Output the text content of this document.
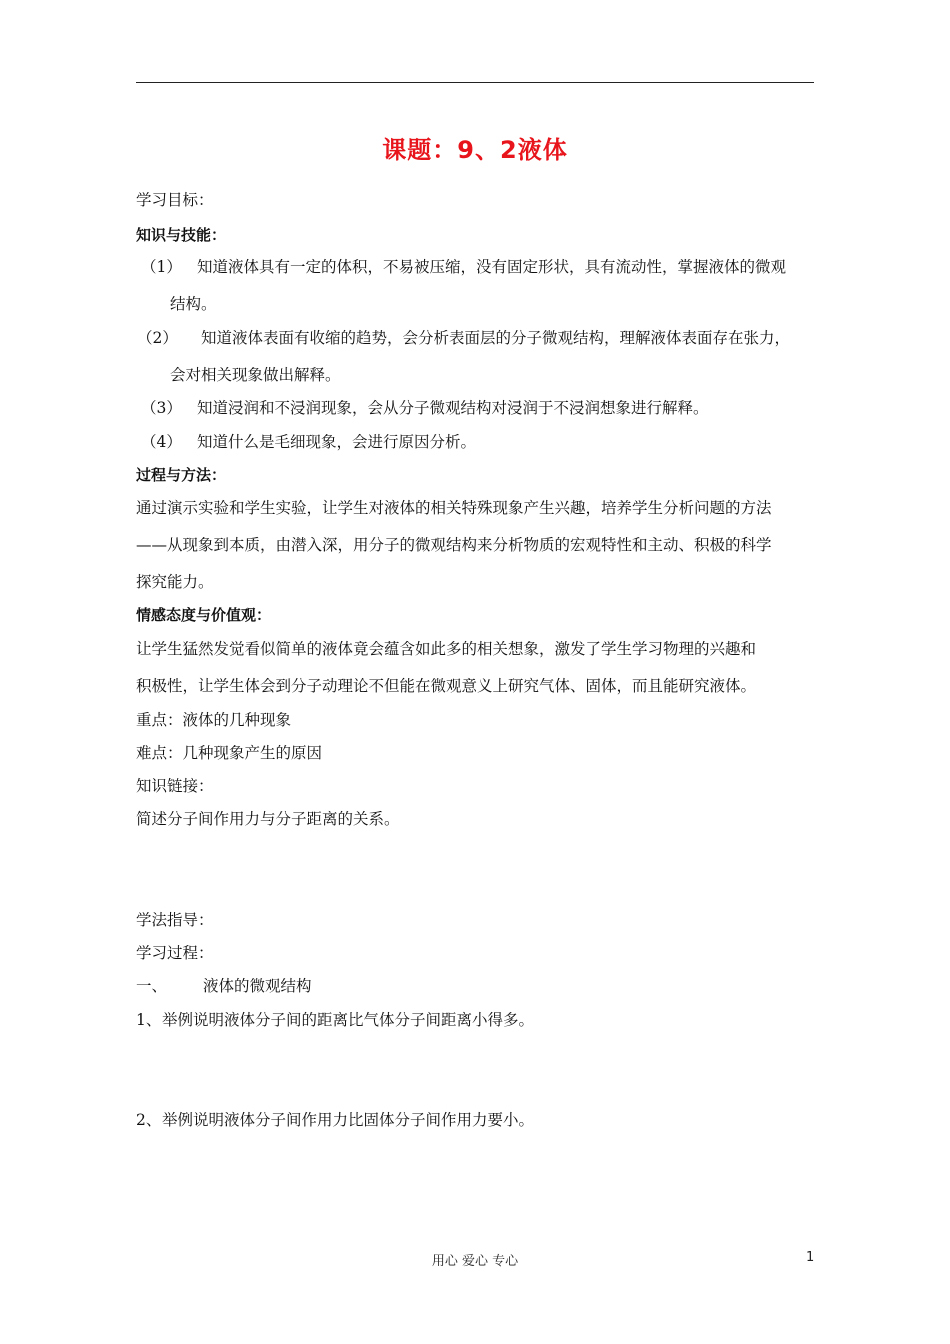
课题：9、2液体
学习目标：
知识与技能：
（1） 知道液体具有一定的体积，不易被压缩，没有固定形状，具有流动性，掌握液体的微观
结构。
（2） 知道液体表面有收缩的趋势，会分析表面层的分子微观结构，理解液体表面存在张力，
会对相关现象做出解释。
（3） 知道浸润和不浸润现象，会从分子微观结构对浸润于不浸润想象进行解释。
（4） 知道什么是毛细现象，会进行原因分析。
过程与方法：
通过演示实验和学生实验，让学生对液体的相关特殊现象产生兴趣，培养学生分析问题的方法
——从现象到本质，由潜入深，用分子的微观结构来分析物质的宏观特性和主动、积极的科学
探究能力。
情感态度与价值观：
让学生猛然发觉看似简单的液体竟会蕴含如此多的相关想象，激发了学生学习物理的兴趣和
积极性，让学生体会到分子动理论不但能在微观意义上研究气体、固体，而且能研究液体。
重点：液体的几种现象
难点：几种现象产生的原因
知识链接：
简述分子间作用力与分子距离的关系。
学法指导：
学习过程：
一、 液体的微观结构
1、举例说明液体分子间的距离比气体分子间距离小得多。
2、举例说明液体分子间作用力比固体分子间作用力要小。
用心 爱心 专心	1
